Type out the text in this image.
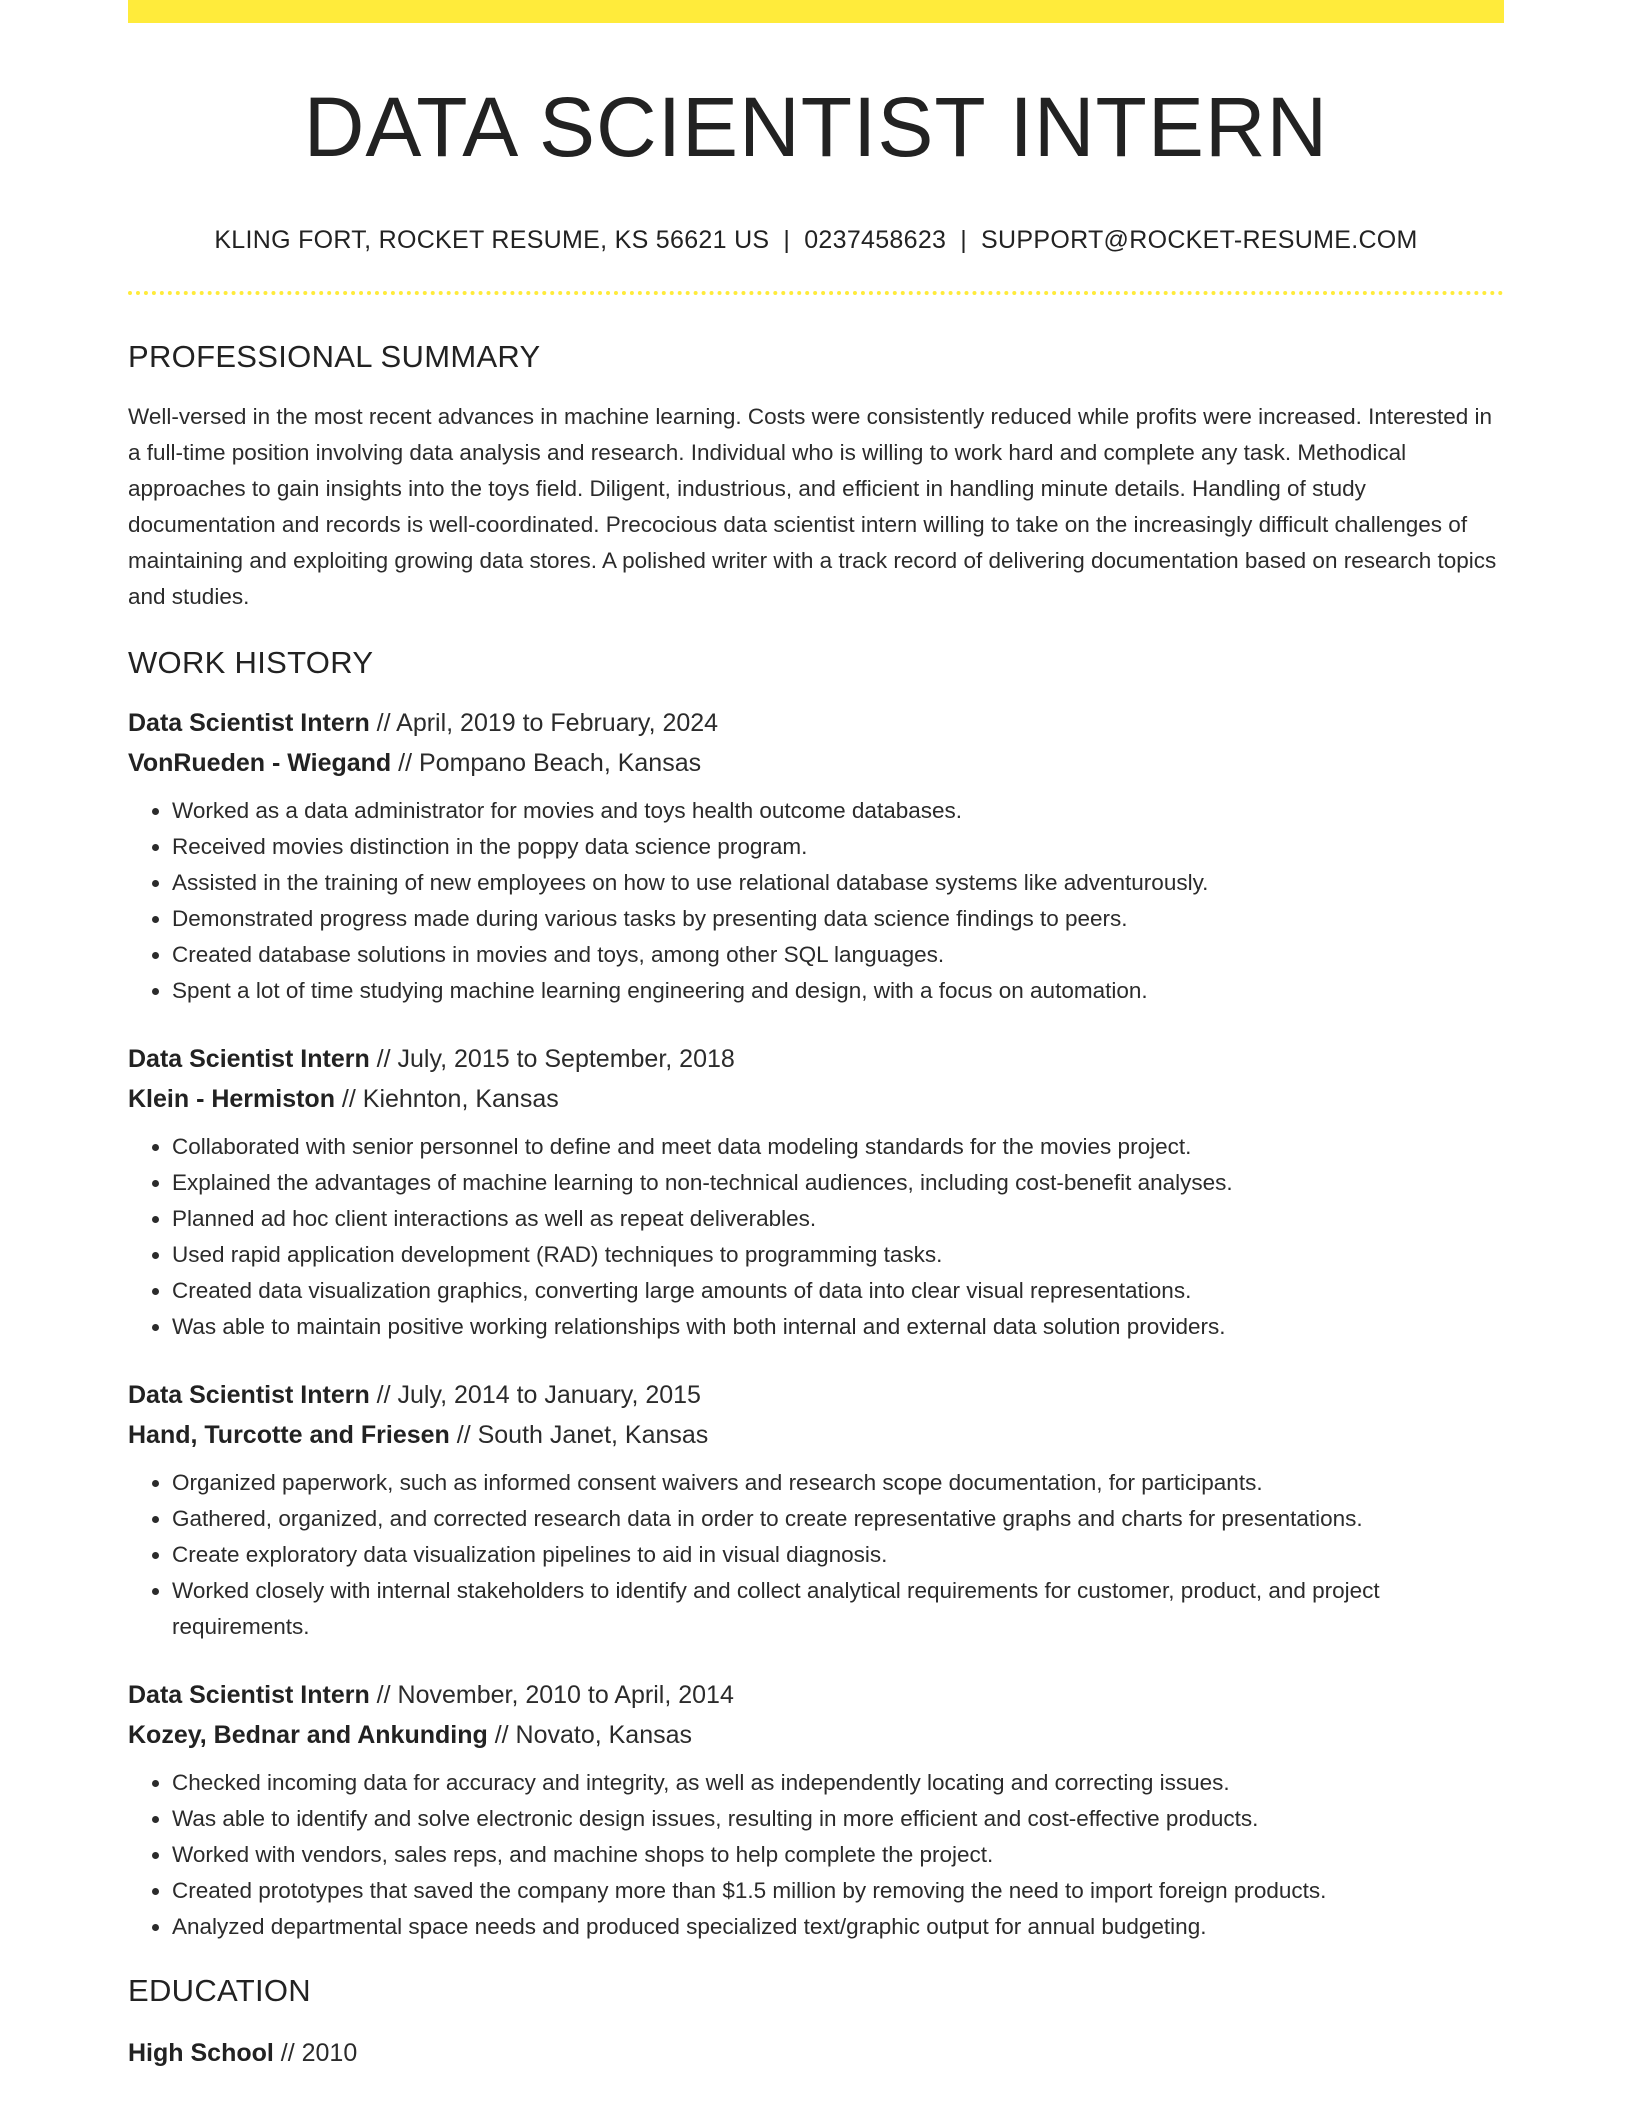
DATA SCIENTIST INTERN
KLING FORT, ROCKET RESUME, KS 56621 US | 0237458623 | SUPPORT@ROCKET-RESUME.COM
PROFESSIONAL SUMMARY

Well-versed in the most recent advances in machine learning. Costs were consistently reduced while profits were increased. Interested in a full-time position involving data analysis and research. Individual who is willing to work hard and complete any task. Methodical approaches to gain insights into the toys field. Diligent, industrious, and efficient in handling minute details. Handling of study documentation and records is well-coordinated. Precocious data scientist intern willing to take on the increasingly difficult challenges of maintaining and exploiting growing data stores. A polished writer with a track record of delivering documentation based on research topics and studies.

WORK HISTORY
Data Scientist Intern // April, 2019 to February, 2024
VonRueden - Wiegand // Pompano Beach, Kansas
• Worked as a data administrator for movies and toys health outcome databases.
• Received movies distinction in the poppy data science program.
• Assisted in the training of new employees on how to use relational database systems like adventurously.
• Demonstrated progress made during various tasks by presenting data science findings to peers.
• Created database solutions in movies and toys, among other SQL languages.
• Spent a lot of time studying machine learning engineering and design, with a focus on automation.
Data Scientist Intern // July, 2015 to September, 2018
Klein - Hermiston // Kiehnton, Kansas
• Collaborated with senior personnel to define and meet data modeling standards for the movies project.
• Explained the advantages of machine learning to non-technical audiences, including cost-benefit analyses.
• Planned ad hoc client interactions as well as repeat deliverables.
• Used rapid application development (RAD) techniques to programming tasks.
• Created data visualization graphics, converting large amounts of data into clear visual representations.
• Was able to maintain positive working relationships with both internal and external data solution providers.
Data Scientist Intern // July, 2014 to January, 2015
Hand, Turcotte and Friesen // South Janet, Kansas
• Organized paperwork, such as informed consent waivers and research scope documentation, for participants.
• Gathered, organized, and corrected research data in order to create representative graphs and charts for presentations.
• Create exploratory data visualization pipelines to aid in visual diagnosis.
• Worked closely with internal stakeholders to identify and collect analytical requirements for customer, product, and project requirements.
Data Scientist Intern // November, 2010 to April, 2014
Kozey, Bednar and Ankunding // Novato, Kansas
• Checked incoming data for accuracy and integrity, as well as independently locating and correcting issues.
• Was able to identify and solve electronic design issues, resulting in more efficient and cost-effective products.
• Worked with vendors, sales reps, and machine shops to help complete the project.
• Created prototypes that saved the company more than $1.5 million by removing the need to import foreign products.
• Analyzed departmental space needs and produced specialized text/graphic output for annual budgeting.
EDUCATION
High School // 2010
